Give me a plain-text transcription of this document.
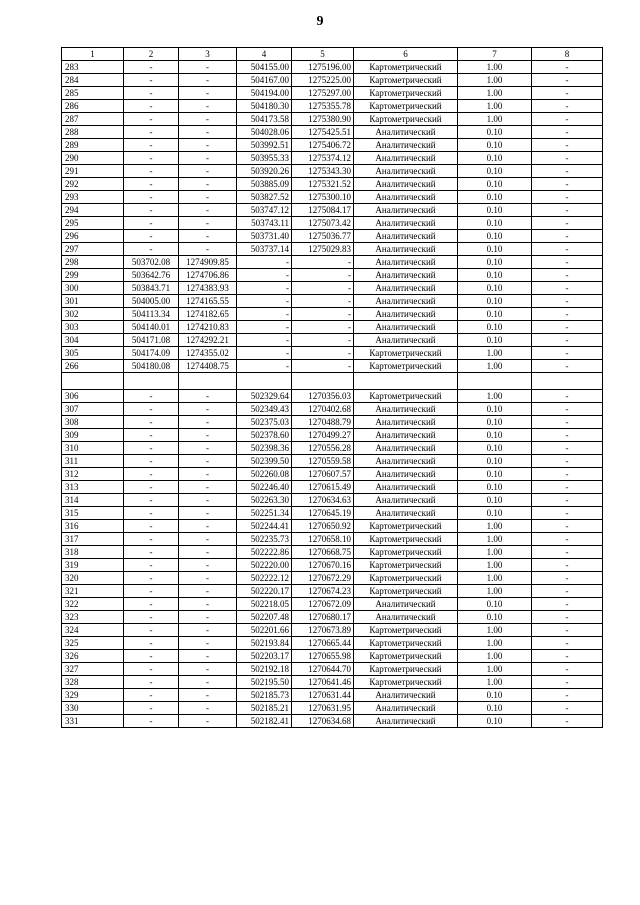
9
1	2	3	4	5	6	7	8
283	-	-	504155.00	1275196.00	Картометрический	1.00	-
284	-	-	504167.00	1275225.00	Картометрический	1.00	-
285	-	-	504194.00	1275297.00	Картометрический	1.00	-
286	-	-	504180.30	1275355.78	Картометрический	1.00	-
287	-	-	504173.58	1275380.90	Картометрический	1.00	-
288	-	-	504028.06	1275425.51	Аналитический	0.10	-
289	-	-	503992.51	1275406.72	Аналитический	0.10	-
290	-	-	503955.33	1275374.12	Аналитический	0.10	-
291	-	-	503920.26	1275343.30	Аналитический	0.10	-
292	-	-	503885.09	1275321.52	Аналитический	0.10	-
293	-	-	503827.52	1275300.10	Аналитический	0.10	-
294	-	-	503747.12	1275084.17	Аналитический	0.10	-
295	-	-	503743.11	1275073.42	Аналитический	0.10	-
296	-	-	503731.40	1275036.77	Аналитический	0.10	-
297	-	-	503737.14	1275029.83	Аналитический	0.10	-
298	503702.08	1274909.85	-	-	Аналитический	0.10	-
299	503642.76	1274706.86	-	-	Аналитический	0.10	-
300	503843.71	1274383.93	-	-	Аналитический	0.10	-
301	504005.00	1274165.55	-	-	Аналитический	0.10	-
302	504113.34	1274182.65	-	-	Аналитический	0.10	-
303	504140.01	1274210.83	-	-	Аналитический	0.10	-
304	504171.08	1274292.21	-	-	Аналитический	0.10	-
305	504174.09	1274355.02	-	-	Картометрический	1.00	-
266	504180.08	1274408.75	-	-	Картометрический	1.00	-

306	-	-	502329.64	1270356.03	Картометрический	1.00	-
307	-	-	502349.43	1270402.68	Аналитический	0.10	-
308	-	-	502375.03	1270488.79	Аналитический	0.10	-
309	-	-	502378.60	1270499.27	Аналитический	0.10	-
310	-	-	502398.36	1270556.28	Аналитический	0.10	-
311	-	-	502399.50	1270559.58	Аналитический	0.10	-
312	-	-	502260.08	1270607.57	Аналитический	0.10	-
313	-	-	502246.40	1270615.49	Аналитический	0.10	-
314	-	-	502263.30	1270634.63	Аналитический	0.10	-
315	-	-	502251.34	1270645.19	Аналитический	0.10	-
316	-	-	502244.41	1270650.92	Картометрический	1.00	-
317	-	-	502235.73	1270658.10	Картометрический	1.00	-
318	-	-	502222.86	1270668.75	Картометрический	1.00	-
319	-	-	502220.00	1270670.16	Картометрический	1.00	-
320	-	-	502222.12	1270672.29	Картометрический	1.00	-
321	-	-	502220.17	1270674.23	Картометрический	1.00	-
322	-	-	502218.05	1270672.09	Аналитический	0.10	-
323	-	-	502207.48	1270680.17	Аналитический	0.10	-
324	-	-	502201.66	1270673.89	Картометрический	1.00	-
325	-	-	502193.84	1270665.44	Картометрический	1.00	-
326	-	-	502203.17	1270655.98	Картометрический	1.00	-
327	-	-	502192.18	1270644.70	Картометрический	1.00	-
328	-	-	502195.50	1270641.46	Картометрический	1.00	-
329	-	-	502185.73	1270631.44	Аналитический	0.10	-
330	-	-	502185.21	1270631.95	Аналитический	0.10	-
331	-	-	502182.41	1270634.68	Аналитический	0.10	-
